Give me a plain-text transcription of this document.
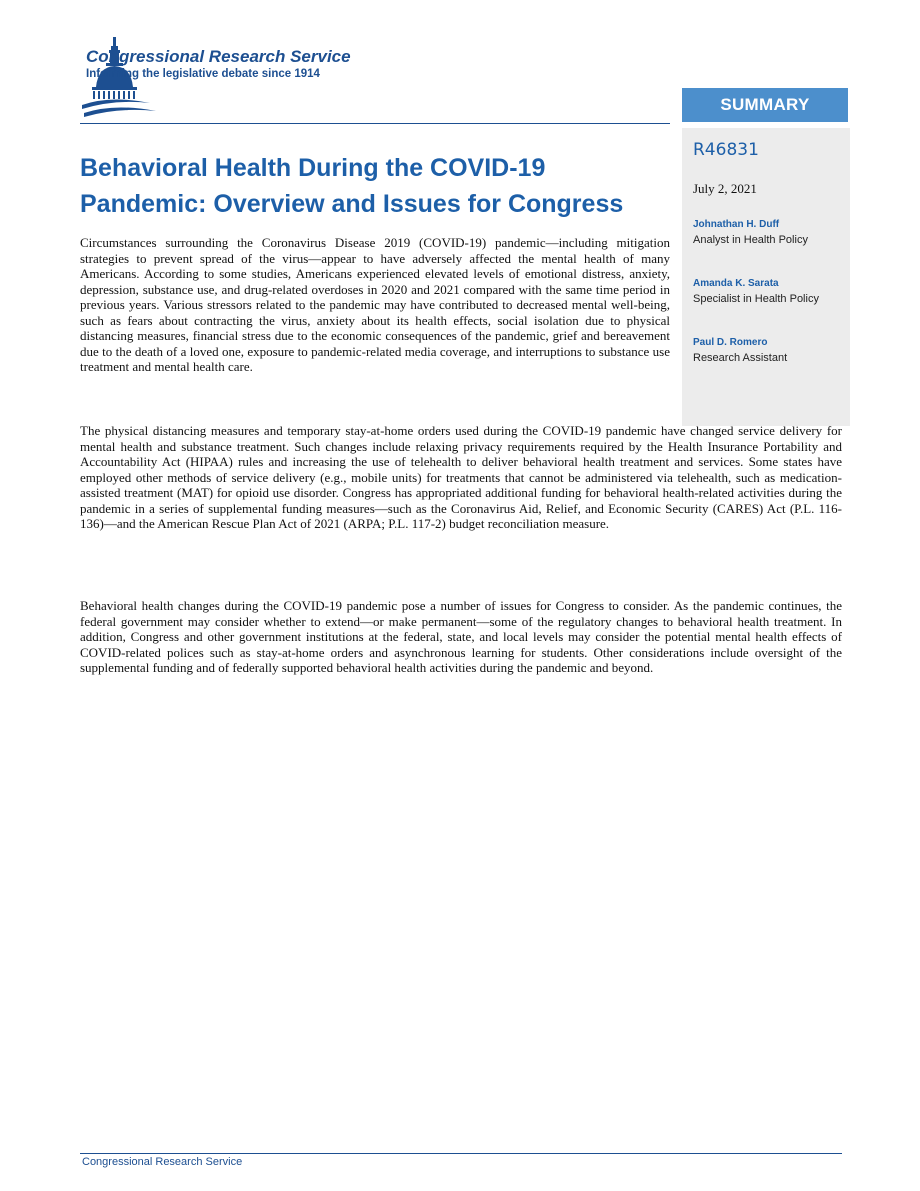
Congressional Research Service
Informing the legislative debate since 1914
SUMMARY
R46831
July 2, 2021
Johnathan H. Duff
Analyst in Health Policy
Amanda K. Sarata
Specialist in Health Policy
Paul D. Romero
Research Assistant
Behavioral Health During the COVID-19
Pandemic: Overview and Issues for Congress

Circumstances surrounding the Coronavirus Disease 2019 (COVID-19) pandemic—including mitigation strategies to prevent spread of the virus—appear to have adversely affected the mental health of many Americans. According to some studies, Americans experienced elevated levels of emotional distress, anxiety, depression, substance use, and drug-related overdoses in 2020 and 2021 compared with the same time period in previous years. Various stressors related to the pandemic may have contributed to decreased mental well-being, such as fears about contracting the virus, anxiety about its health effects, social isolation due to physical distancing measures, financial stress due to the economic consequences of the pandemic, grief and bereavement due to the death of a loved one, exposure to pandemic-related media coverage, and interruptions to substance use treatment and mental health care.

The physical distancing measures and temporary stay-at-home orders used during the COVID-19 pandemic have changed service delivery for mental health and substance treatment. Such changes include relaxing privacy requirements required by the Health Insurance Portability and Accountability Act (HIPAA) rules and increasing the use of telehealth to deliver behavioral health treatment and services. Some states have employed other methods of service delivery (e.g., mobile units) for treatments that cannot be administered via telehealth, such as medication-assisted treatment (MAT) for opioid use disorder. Congress has appropriated additional funding for behavioral health-related activities during the pandemic in a series of supplemental funding measures—such as the Coronavirus Aid, Relief, and Economic Security (CARES) Act (P.L. 116-136)—and the American Rescue Plan Act of 2021 (ARPA; P.L. 117-2) budget reconciliation measure.

Behavioral health changes during the COVID-19 pandemic pose a number of issues for Congress to consider. As the pandemic continues, the federal government may consider whether to extend—or make permanent—some of the regulatory changes to behavioral health treatment. In addition, Congress and other government institutions at the federal, state, and local levels may consider the potential mental health effects of COVID-related polices such as stay-at-home orders and asynchronous learning for students. Other considerations include oversight of the supplemental funding and of federally supported behavioral health activities during the pandemic and beyond.

Congressional Research Service
